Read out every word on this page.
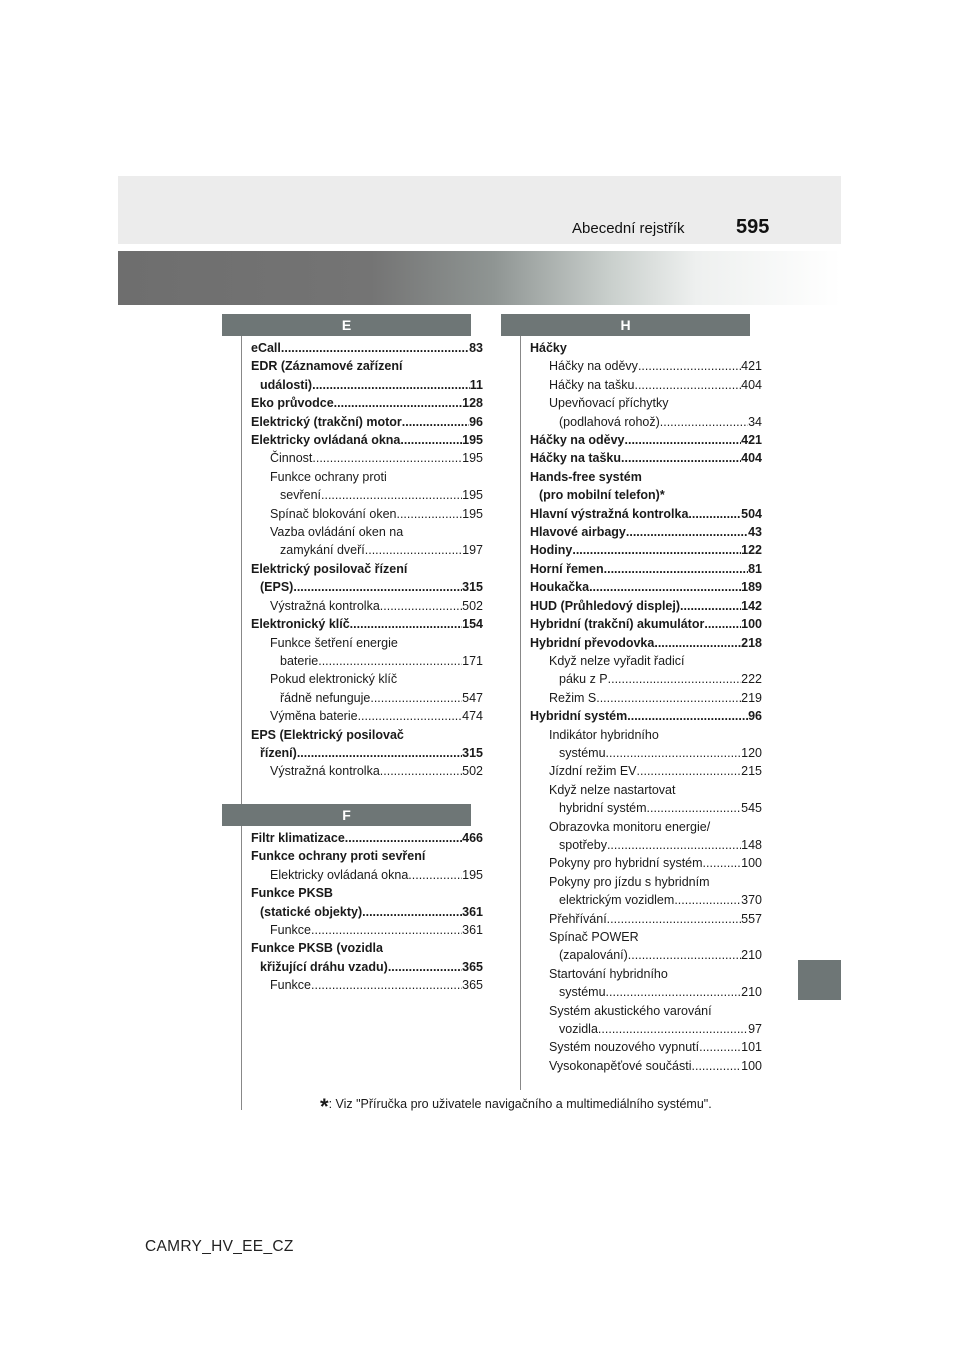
Abecední rejstřík	595
E
F
H
eCall .....	83
EDR (Záznamové zařízení
události) .....	11
Eko průvodce .....	128
Elektrický (trakční) motor .....	96
Elektricky ovládaná okna .....	195
Činnost .....	195
Funkce ochrany proti
sevření .....	195
Spínač blokování oken .....	195
Vazba ovládání oken na
zamykání dveří .....	197
Elektrický posilovač řízení
(EPS) .....	315
Výstražná kontrolka .....	502
Elektronický klíč .....	154
Funkce šetření energie
baterie .....	171
Pokud elektronický klíč
řádně nefunguje .....	547
Výměna baterie .....	474
EPS (Elektrický posilovač
řízení) .....	315
Výstražná kontrolka .....	502
Filtr klimatizace .....	466
Funkce ochrany proti sevření
Elektricky ovládaná okna .....	195
Funkce PKSB
(statické objekty) .....	361
Funkce .....	361
Funkce PKSB (vozidla
křižující dráhu vzadu) .....	365
Funkce .....	365
Háčky
Háčky na oděvy .....	421
Háčky na tašku .....	404
Upevňovací příchytky
(podlahová rohož) .....	34
Háčky na oděvy .....	421
Háčky na tašku .....	404
Hands-free systém
(pro mobilní telefon)*
Hlavní výstražná kontrolka .....	504
Hlavové airbagy .....	43
Hodiny .....	122
Horní řemen .....	81
Houkačka .....	189
HUD (Průhledový displej) .....	142
Hybridní (trakční) akumulátor .....	100
Hybridní převodovka .....	218
Když nelze vyřadit řadicí
páku z P .....	222
Režim S .....	219
Hybridní systém .....	96
Indikátor hybridního
systému .....	120
Jízdní režim EV .....	215
Když nelze nastartovat
hybridní systém .....	545
Obrazovka monitoru energie/
spotřeby .....	148
Pokyny pro hybridní systém .....	100
Pokyny pro jízdu s hybridním
elektrickým vozidlem .....	370
Přehřívání .....	557
Spínač POWER
(zapalování) .....	210
Startování hybridního
systému .....	210
Systém akustického varování
vozidla .....	97
Systém nouzového vypnutí .....	101
Vysokonapěťové součásti .....	100
*: Viz "Příručka pro uživatele navigačního a multimediálního systému".
CAMRY_HV_EE_CZ
